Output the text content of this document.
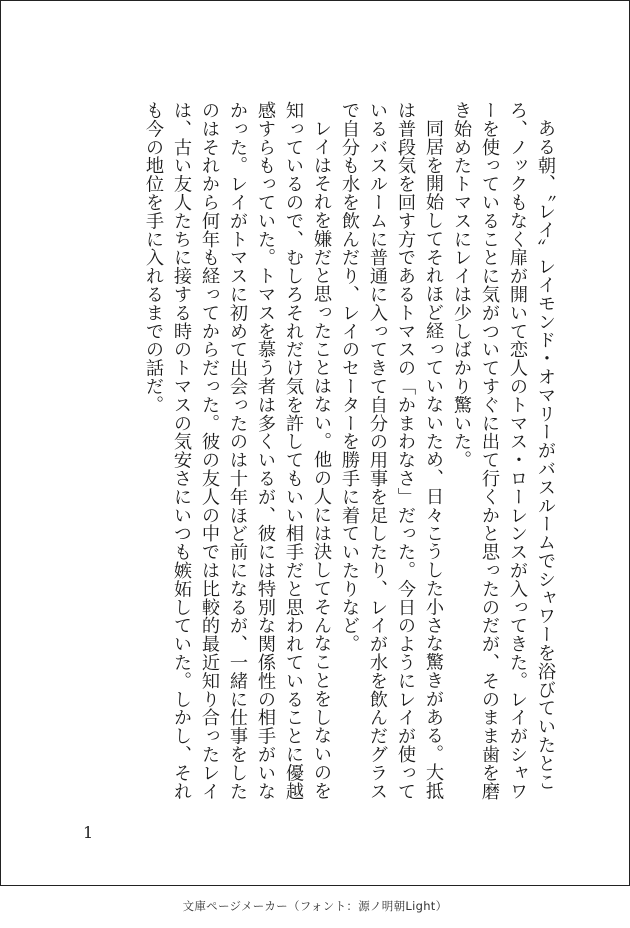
ある朝、〝レイ〟レイモンド・オマリーがバスルームでシャワーを浴びていたところ、ノックもなく扉が開いて恋人のトマス・ローレンスが入ってきた。レイがシャワーを使っていることに気がついてすぐに出て行くかと思ったのだが、そのまま歯を磨き始めたトマスにレイは少しばかり驚いた。

同居を開始してそれほど経っていないため、日々こうした小さな驚きがある。大抵は普段気を回す方であるトマスの「かまわなさ」だった。今日のようにレイが使っているバスルームに普通に入ってきて自分の用事を足したり、レイが水を飲んだグラスで自分も水を飲んだり、レイのセーターを勝手に着ていたりなど。

レイはそれを嫌だと思ったことはない。他の人には決してそんなことをしないのを知っているので、むしろそれだけ気を許してもいい相手だと思われていることに優越感すらもっていた。トマスを慕う者は多くいるが、彼には特別な関係性の相手がいなかった。レイがトマスに初めて出会ったのは十年ほど前になるが、一緒に仕事をしたのはそれから何年も経ってからだった。彼の友人の中では比較的最近知り合ったレイは、古い友人たちに接する時のトマスの気安さにいつも嫉妬していた。しかし、それも今の地位を手に入れるまでの話だ。

1
文庫ページメーカー（フォント：源ノ明朝Light）
